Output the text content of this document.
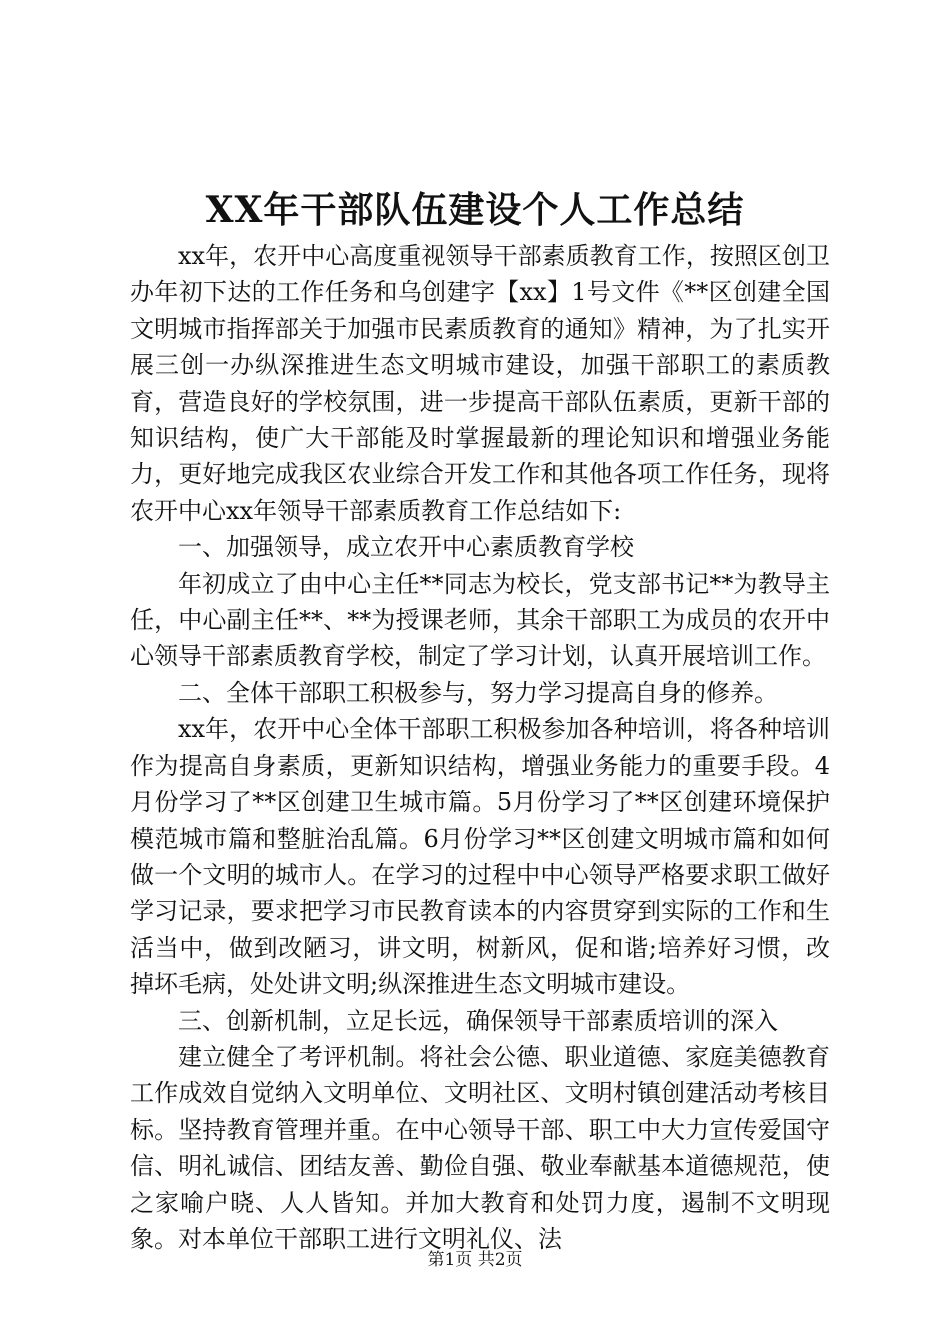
XX年干部队伍建设个人工作总结

xx年，农开中心高度重视领导干部素质教育工作，按照区创卫办年初下达的工作任务和乌创建字【xx】1号文件《**区创建全国文明城市指挥部关于加强市民素质教育的通知》精神，为了扎实开展三创一办纵深推进生态文明城市建设，加强干部职工的素质教育，营造良好的学校氛围，进一步提高干部队伍素质，更新干部的知识结构，使广大干部能及时掌握最新的理论知识和增强业务能力，更好地完成我区农业综合开发工作和其他各项工作任务，现将农开中心xx年领导干部素质教育工作总结如下:

一、加强领导，成立农开中心素质教育学校

年初成立了由中心主任**同志为校长，党支部书记**为教导主任，中心副主任**、**为授课老师，其余干部职工为成员的农开中心领导干部素质教育学校，制定了学习计划，认真开展培训工作。

二、全体干部职工积极参与，努力学习提高自身的修养。

xx年，农开中心全体干部职工积极参加各种培训，将各种培训作为提高自身素质，更新知识结构，增强业务能力的重要手段。4月份学习了**区创建卫生城市篇。5月份学习了**区创建环境保护模范城市篇和整脏治乱篇。6月份学习**区创建文明城市篇和如何做一个文明的城市人。在学习的过程中中心领导严格要求职工做好学习记录，要求把学习市民教育读本的内容贯穿到实际的工作和生活当中，做到改陋习，讲文明，树新风，促和谐;培养好习惯，改掉坏毛病，处处讲文明;纵深推进生态文明城市建设。

三、创新机制，立足长远，确保领导干部素质培训的深入

建立健全了考评机制。将社会公德、职业道德、家庭美德教育工作成效自觉纳入文明单位、文明社区、文明村镇创建活动考核目标。坚持教育管理并重。在中心领导干部、职工中大力宣传爱国守信、明礼诚信、团结友善、勤俭自强、敬业奉献基本道德规范，使之家喻户晓、人人皆知。并加大教育和处罚力度，遏制不文明现象。对本单位干部职工进行文明礼仪、法

第1页 共2页
